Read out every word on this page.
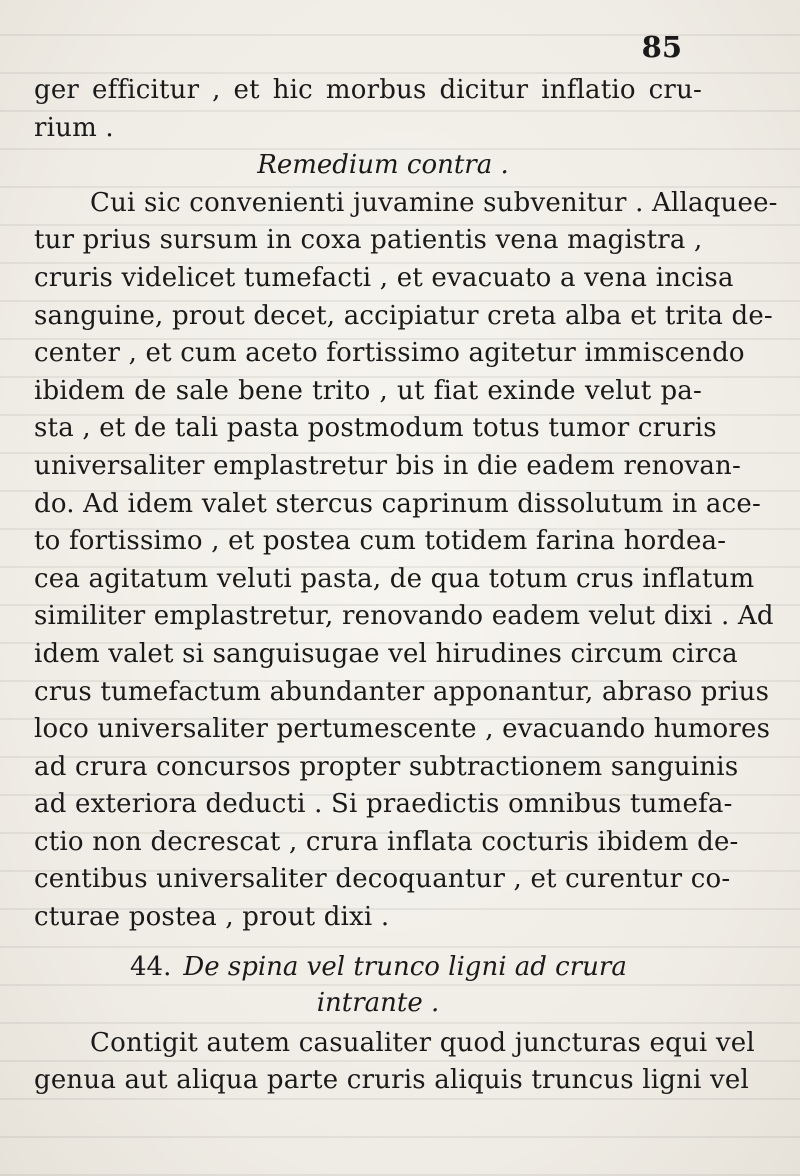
85
ger efficitur , et hic morbus dicitur inflatio cru-
rium .
Remedium contra .
Cui sic convenienti juvamine subvenitur . Allaquee-
tur prius sursum in coxa patientis vena magistra ,
cruris videlicet tumefacti , et evacuato a vena incisa
sanguine, prout decet, accipiatur creta alba et trita de-
center , et cum aceto fortissimo agitetur immiscendo
ibidem de sale bene trito , ut fiat exinde velut pa-
sta , et de tali pasta postmodum totus tumor cruris
universaliter emplastretur bis in die eadem renovan-
do. Ad idem valet stercus caprinum dissolutum in ace-
to fortissimo , et postea cum totidem farina hordea-
cea agitatum veluti pasta, de qua totum crus inflatum
similiter emplastretur, renovando eadem velut dixi . Ad
idem valet si sanguisugae vel hirudines circum circa
crus tumefactum abundanter apponantur, abraso prius
loco universaliter pertumescente , evacuando humores
ad crura concursos propter subtractionem sanguinis
ad exteriora deducti . Si praedictis omnibus tumefa-
ctio non decrescat , crura inflata cocturis ibidem de-
centibus universaliter decoquantur , et curentur co-
cturae postea , prout dixi .
44. De spina vel trunco ligni ad crura
intrante .
Contigit autem casualiter quod juncturas equi vel
genua aut aliqua parte cruris aliquis truncus ligni vel
